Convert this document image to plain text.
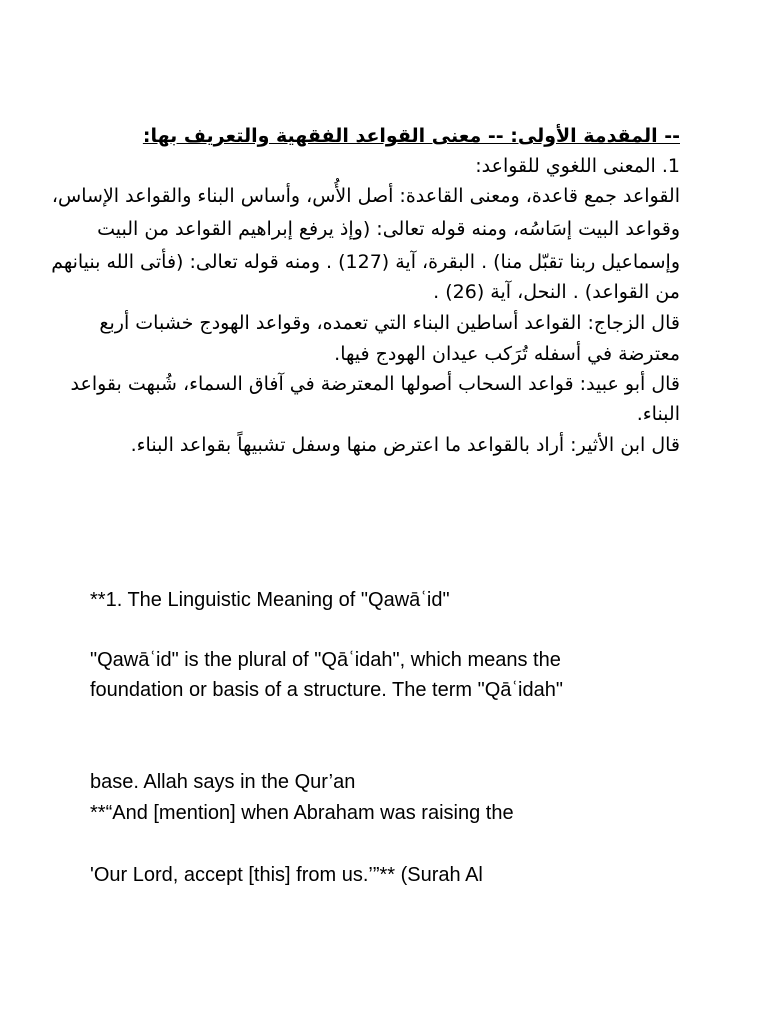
-- المقدمة الأولى: -- معنى القواعد الفقهية والتعريف بها:
1. المعنى اللغوي للقواعد:
القواعد جمع قاعدة، ومعنى القاعدة: أصل الأُس، وأساس البناء والقواعد الإساس،
وقواعد البيت إسَاسُه، ومنه قوله تعالى: (وإذ يرفع إبراهيم القواعد من البيت
وإسماعيل ربنا تقبّل منا) . البقرة، آية (127) . ومنه قوله تعالى: (فأتى الله بنيانهم
من القواعد) . النحل، آية (26) .
قال الزجاج: القواعد أساطين البناء التي تعمده، وقواعد الهودج خشبات أربع
معترضة في أسفله تُرَكب عيدان الهودج فيها.
قال أبو عبيد: قواعد السحاب أصولها المعترضة في آفاق السماء، شُبهت بقواعد
البناء.
قال ابن الأثير: أراد بالقواعد ما اعترض منها وسفل تشبيهاً بقواعد البناء.
**1. The Linguistic Meaning of "Qawāʿid"
"Qawāʿid" is the plural of "Qāʿidah", which means the
foundation or basis of a structure. The term "Qāʿidah"
base. Allah says in the Qur’an
**“And [mention] when Abraham was raising the
'Our Lord, accept [this] from us.’”** (Surah Al
